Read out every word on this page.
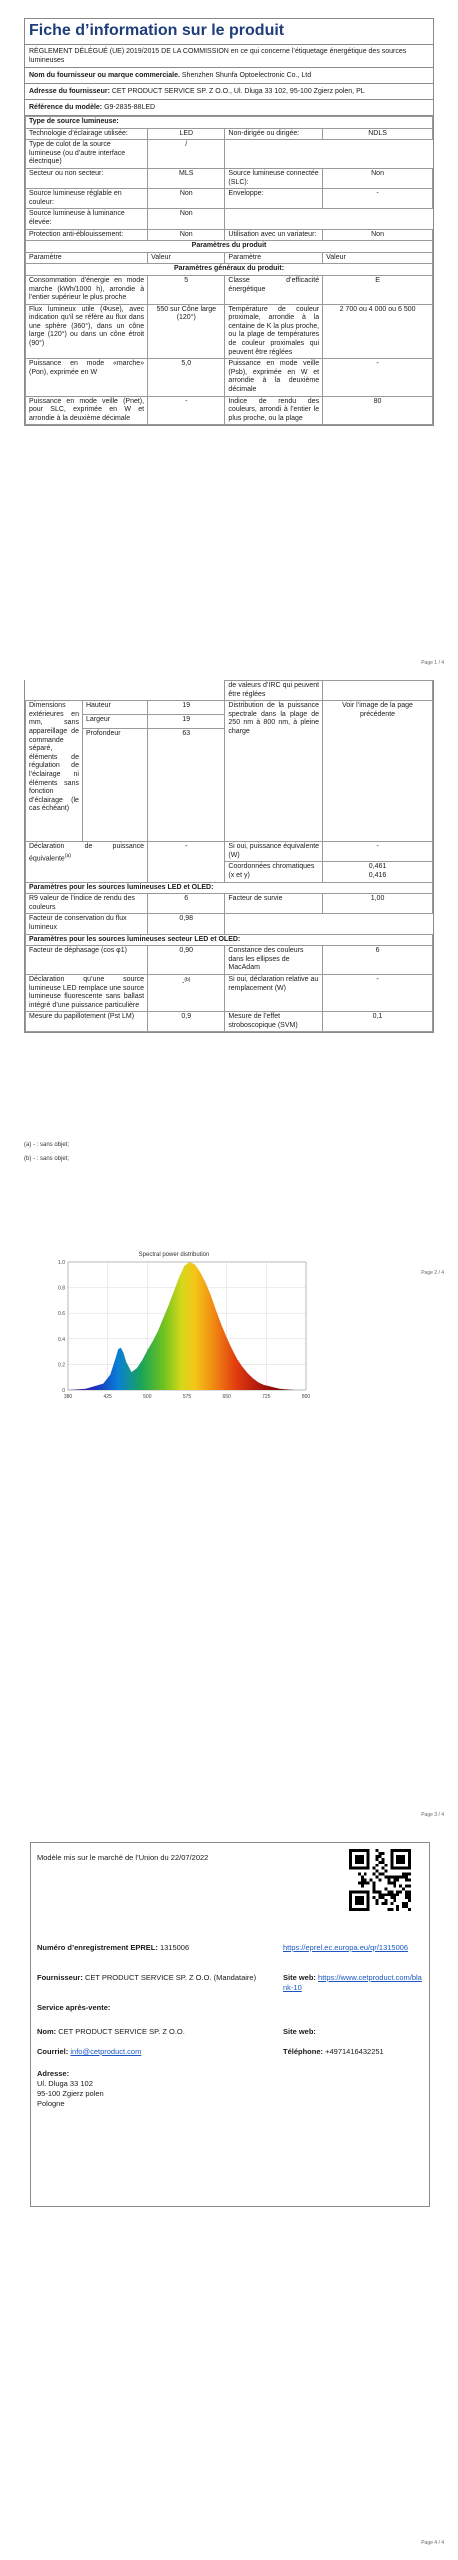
Fiche d’information sur le produit
RÈGLEMENT DÉLÉGUÉ (UE) 2019/2015 DE LA COMMISSION en ce qui concerne l’étiquetage énergétique des sources lumineuses
Nom du fournisseur ou marque commerciale. Shenzhen Shunfa Optoelectronic Co., Ltd
Adresse du fournisseur: CET PRODUCT SERVICE SP. Z O.O., Ul. Dluga 33 102, 95-100 Zgierz polen, PL
Référence du modèle: G9-2835-88LED
Type de source lumineuse:			
Technologie d’éclairage utilisée:	LED	Non-dirigée ou dirigée:	NDLS
Type de culot de la source lumineuse (ou d’autre interface électrique)	/		
Secteur ou non secteur:	MLS	Source lumineuse connectée (SLC):	Non
Source lumineuse réglable en couleur:	Non	Enveloppe:	-
Source lumineuse à luminance élevée:	Non		
Protection anti-éblouissement:	Non	Utilisation avec un variateur:	Non
Paramètres du produit			
Paramètre	Valeur	Paramètre	Valeur
Paramètres généraux du produit:			
Consommation d’énergie en mode marche (kWh/1000 h), arrondie à l’entier supérieur le plus proche	5	Classe d’efficacité énergétique	E
Flux lumineux utile (Φuse), avec indication qu’il se réfère au flux dans une sphère (360°), dans un cône large (120°) ou dans un cône étroit (90°)	550 sur Cône large (120°)	Température de couleur proximale, arrondie à la centaine de K la plus proche, ou la plage de températures de couleur proximales qui peuvent être réglées	2 700 ou 4 000 ou 6 500
Puissance en mode «marche» (Pon), exprimée en W	5,0	Puissance en mode veille (Psb), exprimée en W et arrondie à la deuxième décimale	-
Puissance en mode veille (Pnet), pour SLC, exprimée en W et arrondie à la deuxième décimale	-	Indice de rendu des couleurs, arrondi à l’entier le plus proche, ou la plage	80
Page 1 / 4
			de valeurs d’IRC qui peuvent être réglées	
Dimensions extérieures en mm, sans appareillage de commande séparé, éléments de régulation de l’éclairage ni éléments sans fonction d’éclairage (le cas échéant)	Hauteur	19	Distribution de la puissance spectrale dans la plage de 250 nm à 800 nm, à pleine charge	Voir l’image de la page précédente
	Largeur	19		
	Profondeur	63		
Déclaration de puissance équivalente$^{(a)}$		-	Si oui, puissance équivalente (W)	-
			Coordonnées chromatiques (x et y)	0,461
0,416

Paramètres pour les sources lumineuses LED et OLED:				
R9 valeur de l’indice de rendu des couleurs		6	Facteur de survie	1,00
Facteur de conservation du flux lumineux		0,98		
Paramètres pour les sources lumineuses secteur LED et OLED:				
Facteur de déphasage (cos φ1)		0,90	Constance des couleurs dans les ellipses de MacAdam	6
Déclaration qu’une source lumineuse LED remplace une source lumineuse fluorescente sans ballast intégré d’une puissance particulière		-$^{(b)}$	Si oui, déclaration relative au remplacement (W)	-
Mesure du papillotement (Pst LM)		0,9	Mesure de l’effet stroboscopique (SVM)	0,1
(a) - : sans objet;
(b) - : sans objet;
Spectral power distribution
0
0.2
0.4
0.6
0.8
1.0
380	425	500	575	650	725	800
Page 2 / 4
Page 3 / 4
Modèle mis sur le marché de l’Union du 22/07/2022
Numéro d’enregistrement EPREL: 1315006	https://eprel.ec.europa.eu/qr/1315006
Fournisseur: CET PRODUCT SERVICE SP. Z O.O. (Mandataire)	Site web: https://www.cetproduct.com/blank-10
Service après-vente:
Nom: CET PRODUCT SERVICE SP. Z O.O.	Site web:
Courriel: info@cetproduct.com	Téléphone: +4971416432251
Adresse:
Ul. Dluga 33 102
95-100 Zgierz polen
Pologne
Page 4 / 4
